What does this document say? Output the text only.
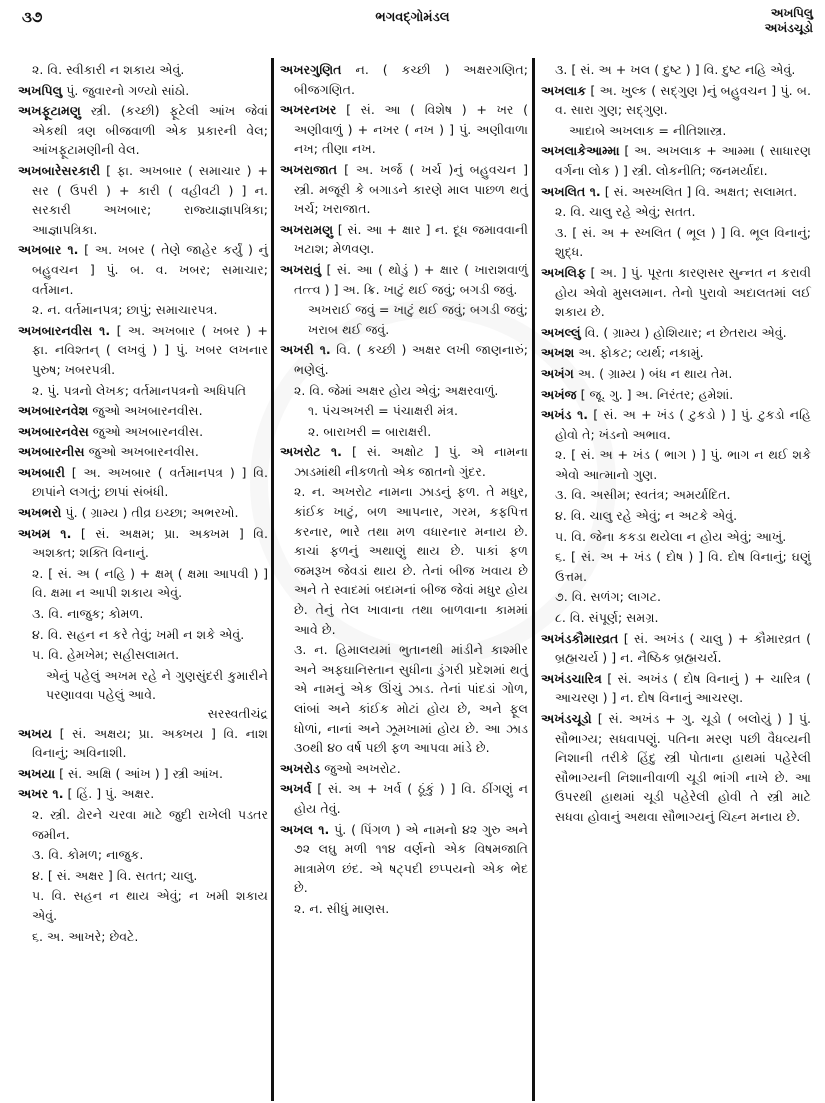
૩૭	ભગવદ્ગોમંડલ	અખપિલુ
અખંડચૂડો
૨. વિ. સ્વીકારી ન શકાય એવું.
અખપિલુ પું. જુવારનો ગળ્યો સાંઠો.
અખફૂટામણુ સ્ત્રી. (કચ્છી) ફૂટેલી આંખ જેવાં એકથી ત્રણ બીજવાળી એક પ્રકારની વેલ; આંખફૂટામણીની વેલ.
અખબારેસરકારી [ ફા. અખબાર ( સમાચાર ) + સર ( ઉપરી ) + કારી ( વહીવટી ) ] ન. સરકારી અખબાર; રાજ્યાજ્ઞાપત્રિકા; આજ્ઞાપત્રિકા.
અખબાર ૧. [ અ. ખબર ( તેણે જાહેર કર્યું ) નું બહુવચન ] પું. બ. વ. ખબર; સમાચાર; વર્તમાન.
૨. ન. વર્તમાનપત્ર; છાપું; સમાચારપત્ર.
અખબારનવીસ ૧. [ અ. અખબાર ( ખબર ) + ફા. નવિશ્તન્ ( લખવું ) ] પું. ખબર લખનાર પુરુષ; ખબરપત્રી.
૨. પું. પત્રનો લેખક; વર્તમાનપત્રનો અધિપતિ
અખબારનવેશ જુઓ અખબારનવીસ.
અખબારનવેસ જુઓ અખબારનવીસ.
અખબારનીસ જુઓ અખબારનવીસ.
અખબારી [ અ. અખબાર ( વર્તમાનપત્ર ) ] વિ. છાપાંને લગતું; છાપાં સંબંધી.
અખભરો પું. ( ગ્રામ્ય ) તીવ્ર ઇચ્છા; અભરખો.
અખમ ૧. [ સં. અક્ષમ; પ્રા. અક્ખમ ] વિ. અશક્ત; શક્તિ વિનાનું.
૨. [ સં. અ ( નહિ ) + ક્ષમ્ ( ક્ષમા આપવી ) ] વિ. ક્ષમા ન આપી શકાય એવું.
૩. વિ. નાજુક; કોમળ.
૪. વિ. સહન ન કરે તેવું; ખમી ન શકે એવું.
૫. વિ. હેમખેમ; સહીસલામત.
એનું પહેલું અખમ રહે ને ગુણસુંદરી કુમારીને પરણાવવા પહેલું આવે.
સરસ્વતીચંદ્ર
અખય [ સં. અક્ષય; પ્રા. અક્ખય ] વિ. નાશ વિનાનું; અવિનાશી.
અખયા [ સં. અક્ષિ ( આંખ ) ] સ્ત્રી આંખ.
અખર ૧. [ હિં. ] પું. અક્ષર.
૨. સ્ત્રી. ઢોરને ચરવા માટે જુદી રાખેલી પડતર જમીન.
૩. વિ. કોમળ; નાજુક.
૪. [ સં. અક્ષર ] વિ. સતત; ચાલુ.
૫. વિ. સહન ન થાય એવું; ન ખમી શકાય એવું.
૬. અ. આખરે; છેવટે.
અખરગુણિત ન. ( કચ્છી ) અક્ષરગણિત; બીજગણિત.
અખરનખર [ સં. આ ( વિશેષ ) + ખર ( અણીવાળું ) + નખર ( નખ ) ] પું. અણીવાળા નખ; તીણા નખ.
અખરાજાત [ અ. ખર્જ ( ખર્ચ )નું બહુવચન ] સ્ત્રી. મજૂરી કે બગાડને કારણે માલ પાછળ થતું ખર્ચ; ખરાજાત.
અખરામણુ [ સં. આ + ક્ષાર ] ન. દૂધ જમાવવાની ખટાશ; મેળવણ.
અખરાવું [ સં. આ ( થોડું ) + ક્ષાર ( ખારાશવાળું તત્ત્વ ) ] અ. ક્રિ. ખાટું થઈ જવું; બગડી જવું.
અખરાઈ જવું = ખાટું થઈ જવું; બગડી જવું; ખરાબ થઈ જવું.
અખરી ૧. વિ. ( કચ્છી ) અક્ષર લખી જાણનારું; ભણેલું.
૨. વિ. જેમાં અક્ષર હોય એવું; અક્ષરવાળું.
૧. પંચઅખરી = પંચાક્ષરી મંત્ર.
૨. બારાખરી = બારાક્ષરી.
અખરોટ ૧. [ સં. અક્ષોટ ] પું. એ નામના ઝાડમાંથી નીકળતો એક જાતનો ગુંદર.
૨. ન. અખરોટ નામના ઝાડનું ફળ. તે મધુર, કાંઈક ખાટું, બળ આપનાર, ગરમ, કફપિત્ત કરનાર, ભારે તથા મળ વધારનાર મનાય છે. કાચાં ફળનું અથાણું થાય છે. પાકાં ફળ જમરૂખ જેવડાં થાય છે. તેનાં બીજ ખવાય છે અને તે સ્વાદમાં બદામનાં બીજ જેવાં મધુર હોય છે. તેનું તેલ ખાવાના તથા બાળવાના કામમાં આવે છે.
૩. ન. હિમાલયમાં ભુતાનથી માંડીને કાશ્મીર અને અફઘાનિસ્તાન સુધીના ડુંગરી પ્રદેશમાં થતું એ નામનું એક ઊંચું ઝાડ. તેનાં પાંદડાં ગોળ, લાંબાં અને કાંઈક મોટાં હોય છે, અને ફૂલ ધોળાં, નાનાં અને ઝૂમખામાં હોય છે. આ ઝાડ ૩૦થી ૪૦ વર્ષ પછી ફળ આપવા માંડે છે.
અખરોડ જુઓ અખરોટ.
અખર્વ [ સં. અ + ખર્વ ( ઠૂંકું ) ] વિ. ઠીંગણું ન હોય તેવું.
અખલ ૧. પું. ( પિંગળ ) એ નામનો ૪૨ ગુરુ અને ૭૨ લઘુ મળી ૧૧૪ વર્ણનો એક વિષમજાતિ માત્રામેળ છંદ. એ ષટ્પદી છપ્પયનો એક ભેદ છે.
૨. ન. સીધું માણસ.
૩. [ સં. અ + ખલ ( દુષ્ટ ) ] વિ. દુષ્ટ નહિ એવું.
અખલાક [ અ. ખુલ્ક ( સદ્ગુણ )નું બહુવચન ] પું. બ. વ. સારા ગુણ; સદ્ગુણ.
આદાબે અખલાક = નીતિશાસ્ત્ર.
અખલાકેઆમ્મા [ અ. અખલાક + આમ્મા ( સાધારણ વર્ગના લોક ) ] સ્ત્રી. લોકનીતિ; જનમર્યાદા.
અખલિત ૧. [ સં. અસ્ખલિત ] વિ. અક્ષત; સલામત.
૨. વિ. ચાલુ રહે એવું; સતત.
૩. [ સં. અ + સ્ખલિત ( ભૂલ ) ] વિ. ભૂલ વિનાનું; શુદ્ધ.
અખલિફ [ અ. ] પું. પૂરતા કારણસર સુન્નત ન કરાવી હોય એવો મુસલમાન. તેનો પુરાવો અદાલતમાં લઈ શકાય છે.
અખલ્લું વિ. ( ગ્રામ્ય ) હોશિયાર; ન છેતરાય એવું.
અખશ અ. ફોકટ; વ્યર્થ; નકામું.
અખંગ અ. ( ગ્રામ્ય ) બંધ ન થાય તેમ.
અખંજ [ જૂ. ગુ. ] અ. નિરંતર; હમેશાં.
અખંડ ૧. [ સં. અ + ખંડ ( ટુકડો ) ] પું. ટુકડો નહિ હોવો તે; ખંડનો અભાવ.
૨. [ સં. અ + ખંડ ( ભાગ ) ] પું. ભાગ ન થઈ શકે એવો આત્માનો ગુણ.
૩. વિ. અસીમ; સ્વતંત્ર; અમર્યાદિત.
૪. વિ. ચાલુ રહે એવું; ન અટકે એવું.
૫. વિ. જેના કકડા થયેલા ન હોય એવું; આખું.
૬. [ સં. અ + ખંડ ( દોષ ) ] વિ. દોષ વિનાનું; ઘણું ઉત્તમ.
૭. વિ. સળંગ; લાગટ.
૮. વિ. સંપૂર્ણ; સમગ્ર.
અખંડકૌમારવ્રત [ સં. અખંડ ( ચાલુ ) + કૌમારવ્રત ( બ્રહ્મચર્ય ) ] ન. નૈષ્ઠિક બ્રહ્મચર્ય.
અખંડચારિત્ર [ સં. અખંડ ( દોષ વિનાનું ) + ચારિત્ર ( આચરણ ) ] ન. દોષ વિનાનું આચરણ.
અખંડચૂડો [ સં. અખંડ + ગુ. ચૂડો ( બલોયું ) ] પું. સૌભાગ્ય; સધવાપણું. પતિના મરણ પછી વૈધવ્યની નિશાની તરીકે હિંદુ સ્ત્રી પોતાના હાથમાં પહેરેલી સૌભાગ્યની નિશાનીવાળી ચૂડી ભાંગી નાખે છે. આ ઉપરથી હાથમાં ચૂડી પહેરેલી હોવી તે સ્ત્રી માટે સધવા હોવાનું અથવા સૌભાગ્યનું ચિહ્ન મનાય છે.
